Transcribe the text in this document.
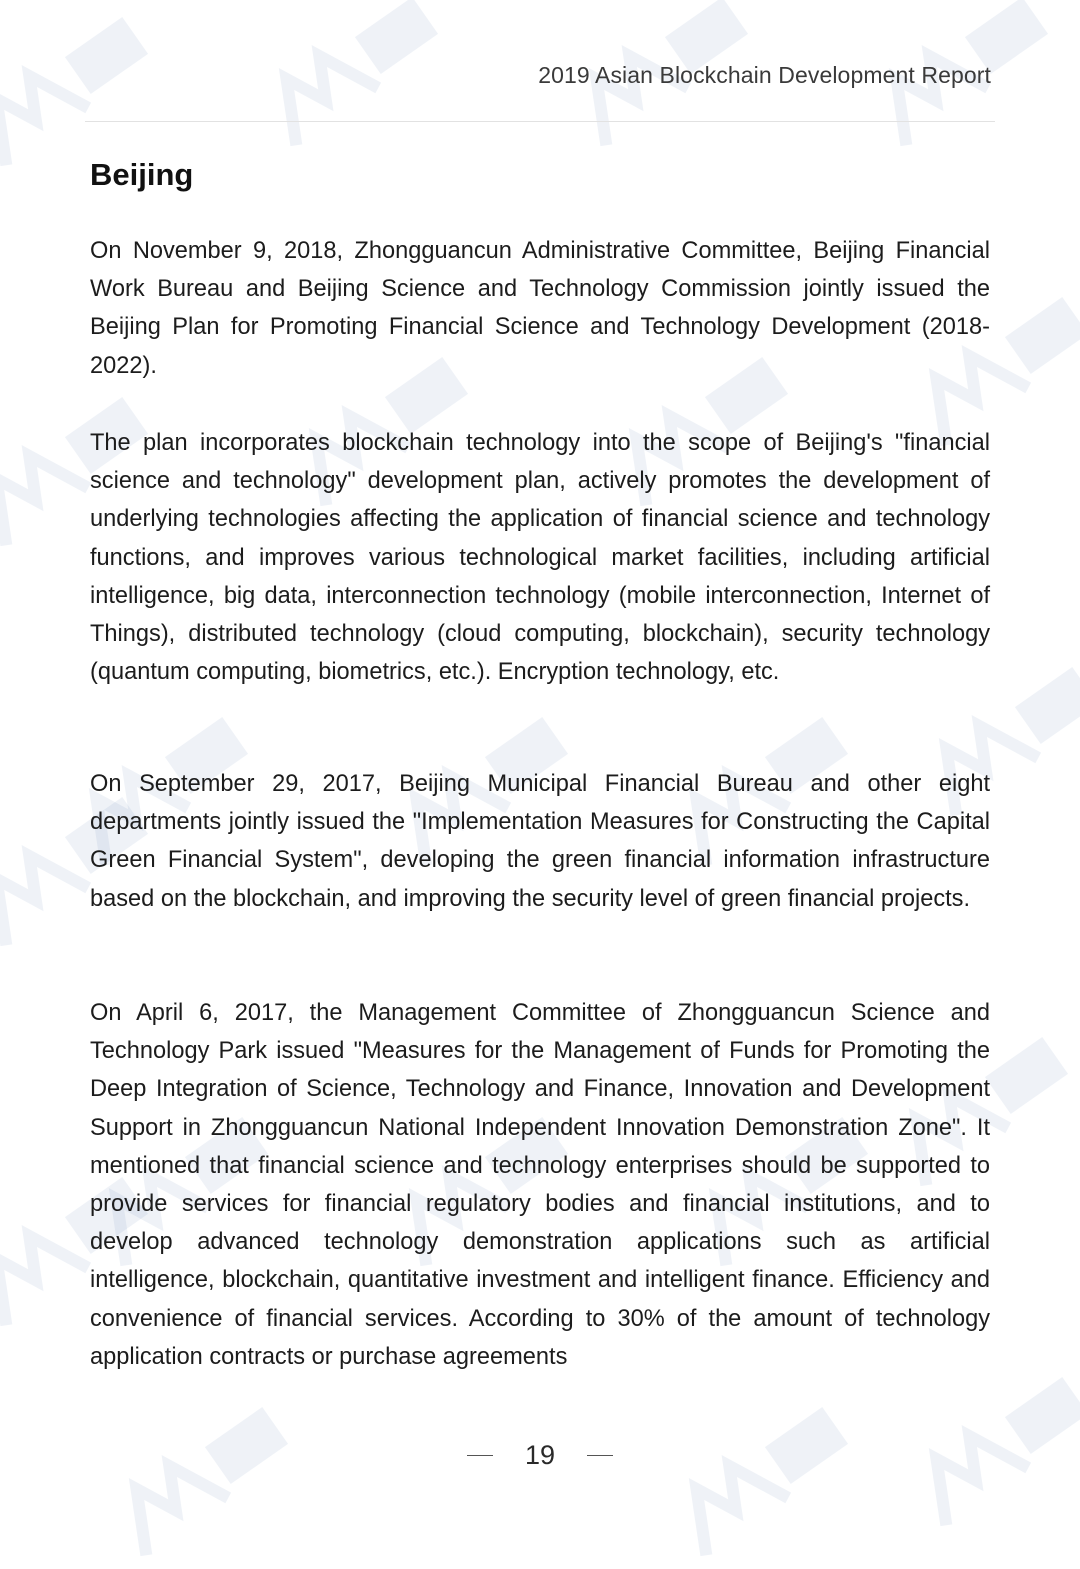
2019 Asian Blockchain Development Report
Beijing

On November 9, 2018, Zhongguancun Administrative Committee, Beijing Financial Work Bureau and Beijing Science and Technology Commission jointly issued the Beijing Plan for Promoting Financial Science and Technology Development (2018-2022).

The plan incorporates blockchain technology into the scope of Beijing's "financial science and technology" development plan, actively promotes the development of underlying technologies affecting the application of financial science and technology functions, and improves various technological market facilities, including artificial intelligence, big data, interconnection technology (mobile interconnection, Internet of Things), distributed technology (cloud computing, blockchain), security technology (quantum computing, biometrics, etc.). Encryption technology, etc.

On September 29, 2017, Beijing Municipal Financial Bureau and other eight departments jointly issued the "Implementation Measures for Constructing the Capital Green Financial System", developing the green financial information infrastructure based on the blockchain, and improving the security level of green financial projects.

On April 6, 2017, the Management Committee of Zhongguancun Science and Technology Park issued "Measures for the Management of Funds for Promoting the Deep Integration of Science, Technology and Finance, Innovation and Development Support in Zhongguancun National Independent Innovation Demonstration Zone". It mentioned that financial science and technology enterprises should be supported to provide services for financial regulatory bodies and financial institutions, and to develop advanced technology demonstration applications such as artificial intelligence, blockchain, quantitative investment and intelligent finance. Efficiency and convenience of financial services. According to 30% of the amount of technology application contracts or purchase agreements

19
